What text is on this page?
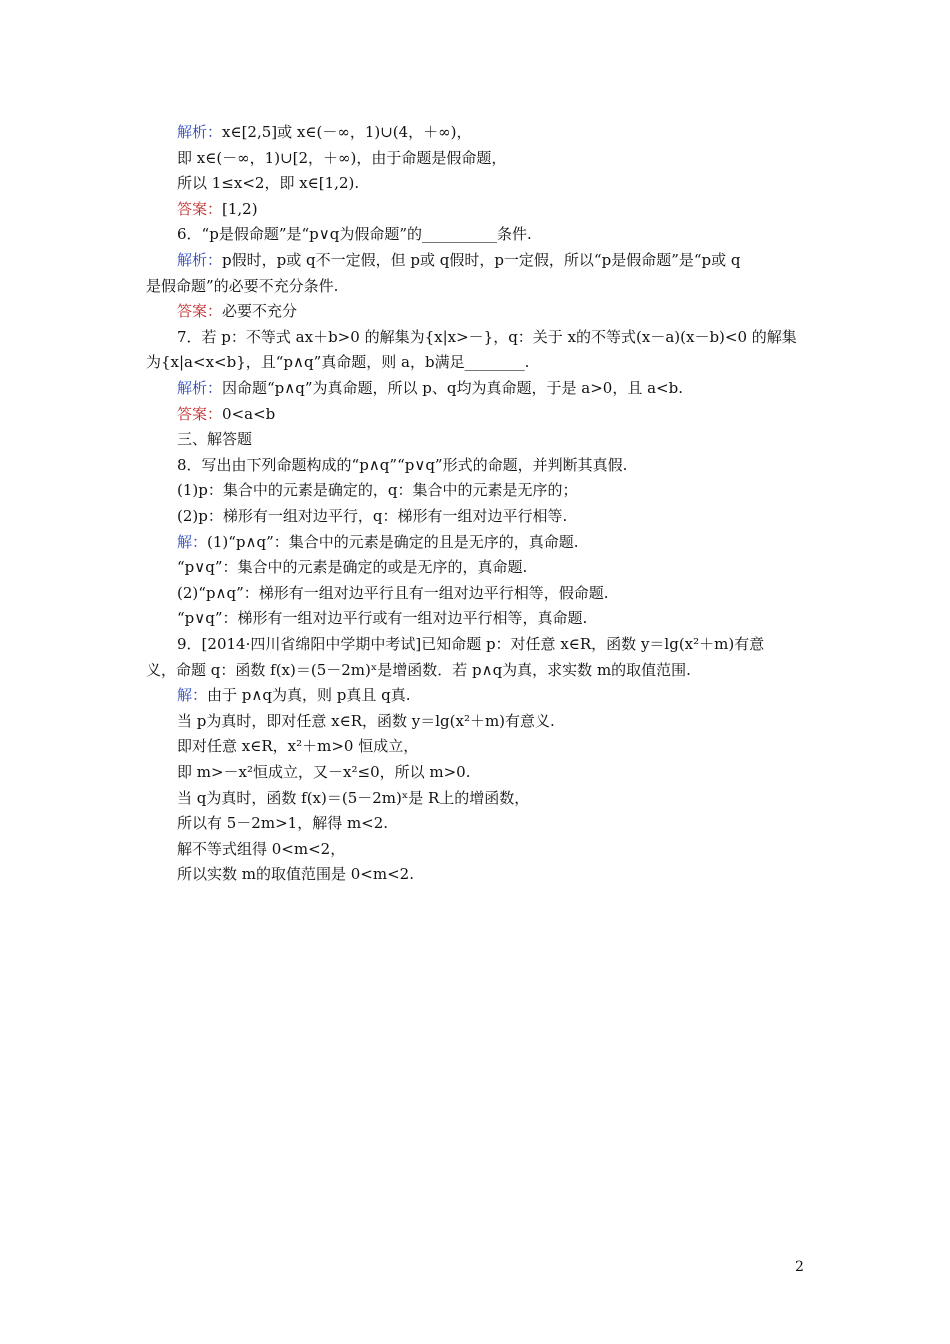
解析：x∈[2,5]或 x∈(－∞，1)∪(4，＋∞)，
即 x∈(－∞，1)∪[2，＋∞)，由于命题是假命题，
所以 1≤x<2，即 x∈[1,2).
答案：[1,2)
6．“p是假命题”是“p∨q为假命题”的__________条件.
解析：p假时，p或 q不一定假，但 p或 q假时，p一定假，所以“p是假命题”是“p或 q
是假命题”的必要不充分条件.
答案：必要不充分
7．若 p：不等式 ax＋b>0 的解集为{x|x>－}，q：关于 x的不等式(x－a)(x－b)<0 的解集
为{x|a<x<b}，且“p∧q”真命题，则 a，b满足________.
解析：因命题“p∧q”为真命题，所以 p、q均为真命题，于是 a>0，且 a<b.
答案：0<a<b
三、解答题
8．写出由下列命题构成的“p∧q”“p∨q”形式的命题，并判断其真假.
(1)p：集合中的元素是确定的，q：集合中的元素是无序的；
(2)p：梯形有一组对边平行，q：梯形有一组对边平行相等.
解：(1)“p∧q”：集合中的元素是确定的且是无序的，真命题.
“p∨q”：集合中的元素是确定的或是无序的，真命题.
(2)“p∧q”：梯形有一组对边平行且有一组对边平行相等，假命题.
“p∨q”：梯形有一组对边平行或有一组对边平行相等，真命题.
9．[2014·四川省绵阳中学期中考试]已知命题 p：对任意 x∈R，函数 y＝lg(x²＋m)有意
义，命题 q：函数 f(x)＝(5－2m)ˣ是增函数．若 p∧q为真，求实数 m的取值范围.
解：由于 p∧q为真，则 p真且 q真.
当 p为真时，即对任意 x∈R，函数 y＝lg(x²＋m)有意义.
即对任意 x∈R，x²＋m>0 恒成立，
即 m>－x²恒成立，又－x²≤0，所以 m>0.
当 q为真时，函数 f(x)＝(5－2m)ˣ是 R上的增函数，
所以有 5－2m>1，解得 m<2.
解不等式组得 0<m<2，
所以实数 m的取值范围是 0<m<2.
2
